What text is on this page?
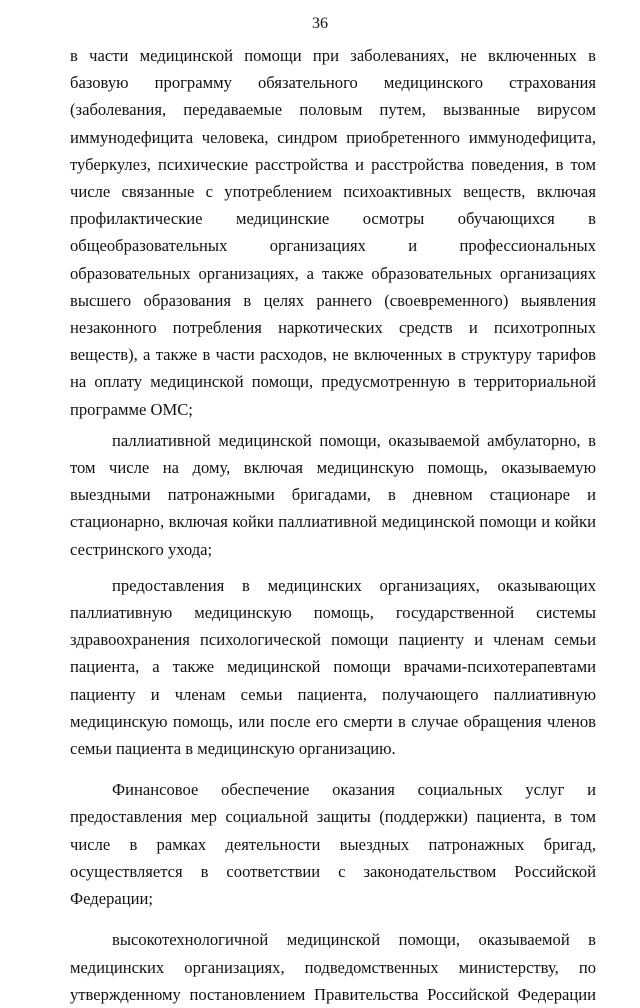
36

в части медицинской помощи при заболеваниях, не включенных в базовую программу обязательного медицинского страхования (заболевания, передаваемые половым путем, вызванные вирусом иммунодефицита человека, синдром приобретенного иммунодефицита, туберкулез, психические расстройства и расстройства поведения, в том числе связанные с употреблением психоактивных веществ, включая профилактические медицинские осмотры обучающихся в общеобразовательных организациях и профессиональных образовательных организациях, а также образовательных организациях высшего образования в целях раннего (своевременного) выявления незаконного потребления наркотических средств и психотропных веществ), а также в части расходов, не включенных в структуру тарифов на оплату медицинской помощи, предусмотренную в территориальной программе ОМС;

паллиативной медицинской помощи, оказываемой амбулаторно, в том числе на дому, включая медицинскую помощь, оказываемую выездными патронажными бригадами, в дневном стационаре и стационарно, включая койки паллиативной медицинской помощи и койки сестринского ухода;

предоставления в медицинских организациях, оказывающих паллиативную медицинскую помощь, государственной системы здравоохранения психологической помощи пациенту и членам семьи пациента, а также медицинской помощи врачами-психотерапевтами пациенту и членам семьи пациента, получающего паллиативную медицинскую помощь, или после его смерти в случае обращения членов семьи пациента в медицинскую организацию.

Финансовое обеспечение оказания социальных услуг и предоставления мер социальной защиты (поддержки) пациента, в том числе в рамках деятельности выездных патронажных бригад, осуществляется в соответствии с законодательством Российской Федерации;

высокотехнологичной медицинской помощи, оказываемой в медицинских организациях, подведомственных министерству, по утвержденному постановлением Правительства Российской Федерации
